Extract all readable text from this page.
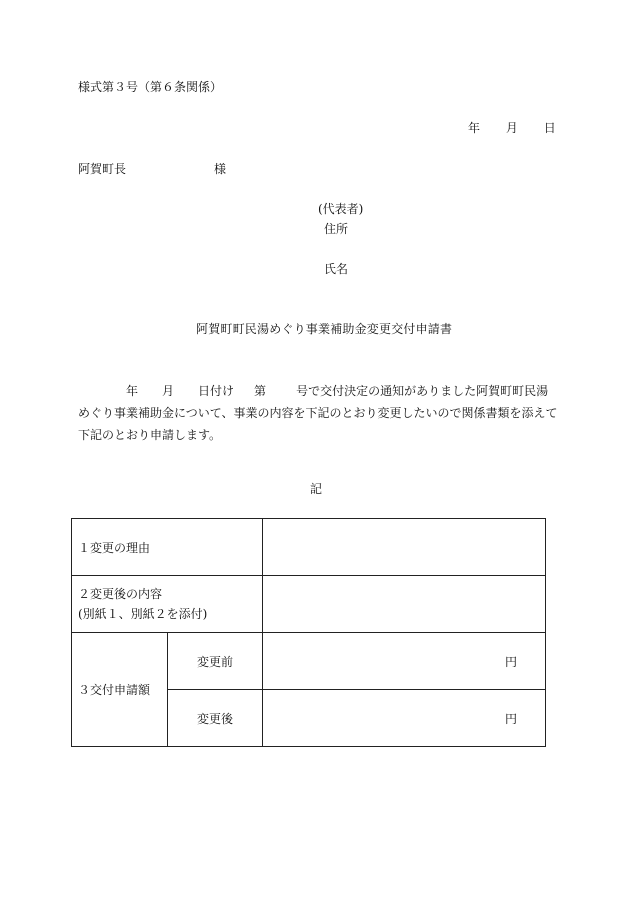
様式第３号（第６条関係）
年 月 日
阿賀町長	様
(代表者)
住所
氏名
阿賀町町民湯めぐり事業補助金変更交付申請書
年 月 日付け 第	号で交付決定の通知がありました阿賀町町民湯
めぐり事業補助金について、事業の内容を下記のとおり変更したいので関係書類を添えて
下記のとおり申請します。
記
１変更の理由		

２変更後の内容
(別紙１、別紙２を添付)		

３交付申請額	変更前	円
	変更後	円
